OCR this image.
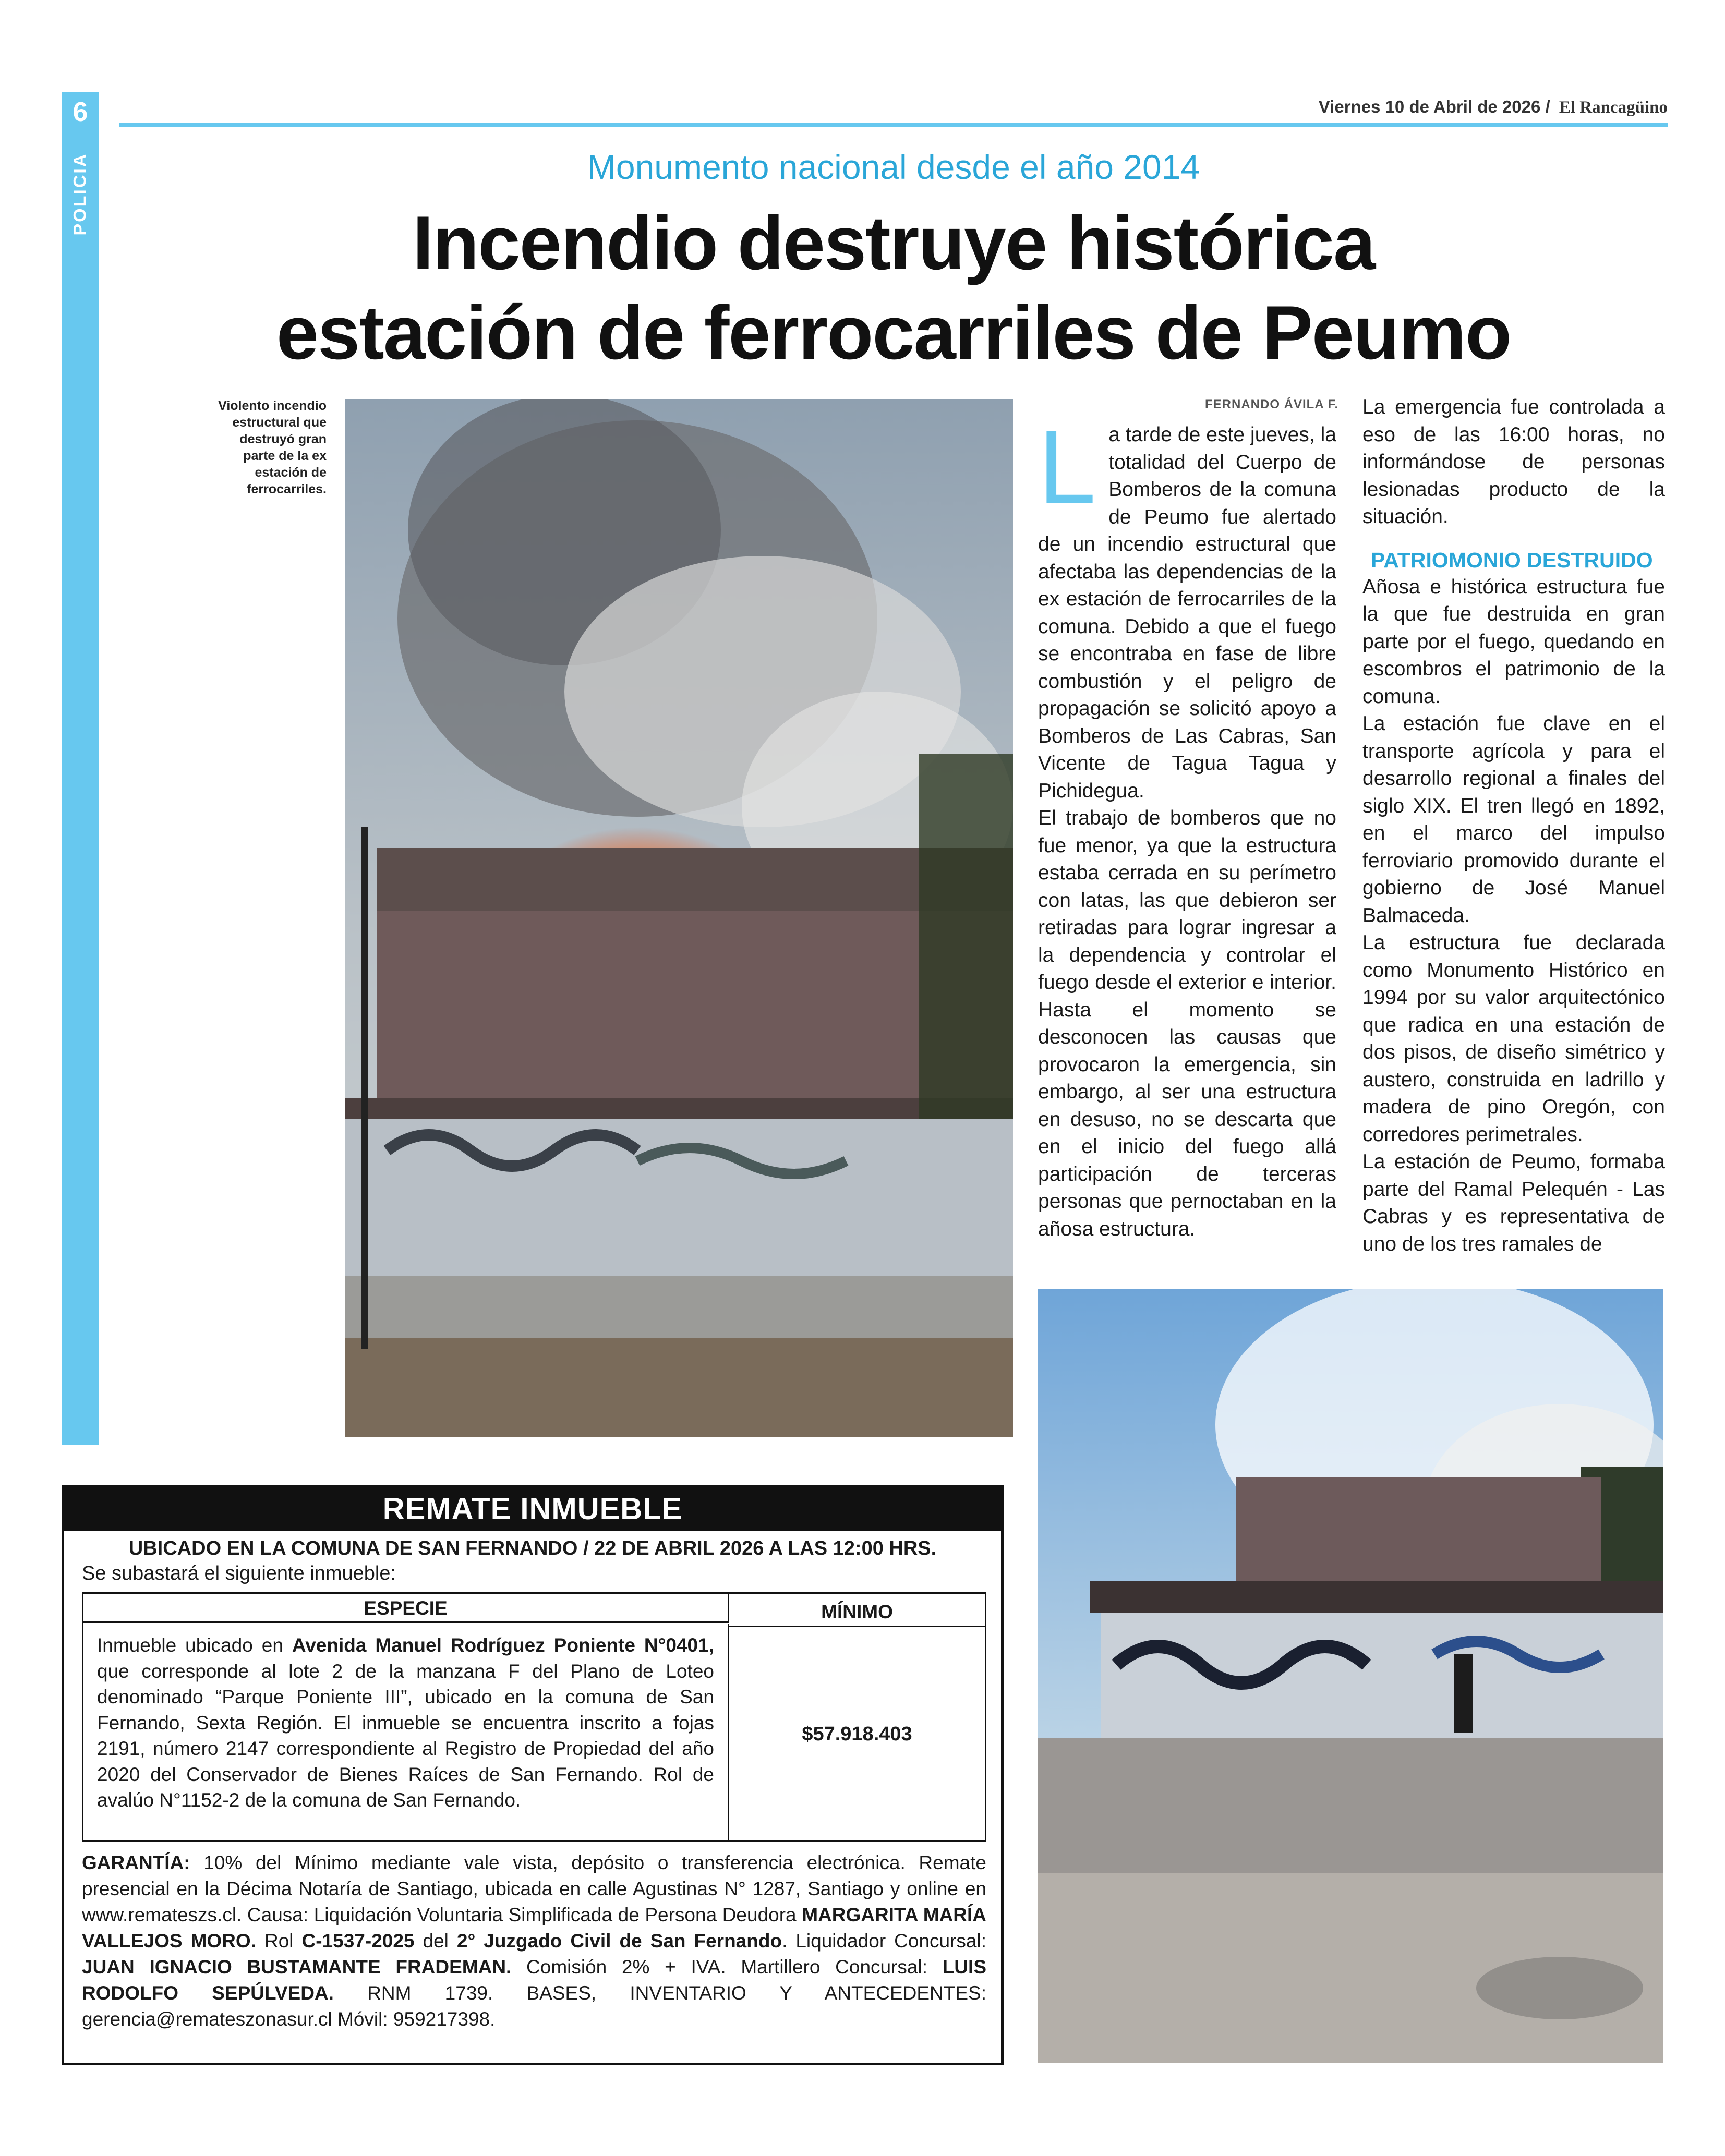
6
POLICIA
Viernes 10 de Abril de 2026 / El Rancagüino
Monumento nacional desde el año 2014
Incendio destruye histórica
estación de ferrocarriles de Peumo
Violento incendio estructural que destruyó gran parte de la ex estación de ferrocarriles.
FERNANDO ÁVILA F.
L a tarde de este jueves, la totalidad del Cuerpo de Bomberos de la comuna de Peumo fue alertado de un incendio estructural que afectaba las dependencias de la ex estación de ferrocarriles de la comuna. Debido a que el fuego se encontraba en fase de libre combustión y el peligro de propagación se solicitó apoyo a Bomberos de Las Cabras, San Vicente de Tagua Tagua y Pichidegua.

El trabajo de bomberos que no fue menor, ya que la estructura estaba cerrada en su perímetro con latas, las que debieron ser retiradas para lograr ingresar a la dependencia y controlar el fuego desde el exterior e interior. Hasta el momento se desconocen las causas que provocaron la emergencia, sin embargo, al ser una estructura en desuso, no se descarta que en el inicio del fuego allá participación de terceras personas que pernoctaban en la añosa estructura.

La emergencia fue controlada a eso de las 16:00 horas, no informándose de personas lesionadas producto de la situación.

PATRIOMONIO DESTRUIDO

Añosa e histórica estructura fue la que fue destruida en gran parte por el fuego, quedando en escombros el patrimonio de la comuna.

La estación fue clave en el transporte agrícola y para el desarrollo regional a finales del siglo XIX. El tren llegó en 1892, en el marco del impulso ferroviario promovido durante el gobierno de José Manuel Balmaceda.

La estructura fue declarada como Monumento Histórico en 1994 por su valor arquitectónico que radica en una estación de dos pisos, de diseño simétrico y austero, construida en ladrillo y madera de pino Oregón, con corredores perimetrales.

La estación de Peumo, formaba parte del Ramal Pelequén - Las Cabras y es representativa de uno de los tres ramales de

REMATE INMUEBLE
UBICADO EN LA COMUNA DE SAN FERNANDO / 22 DE ABRIL 2026 A LAS 12:00 HRS.
Se subastará el siguiente inmueble:
ESPECIE	MÍNIMO
Inmueble ubicado en Avenida Manuel Rodríguez Poniente N°0401, que corresponde al lote 2 de la manzana F del Plano de Loteo denominado “Parque Poniente III”, ubicado en la comuna de San Fernando, Sexta Región. El inmueble se encuentra inscrito a fojas 2191, número 2147 correspondiente al Registro de Propiedad del año 2020 del Conservador de Bienes Raíces de San Fernando. Rol de avalúo N°1152-2 de la comuna de San Fernando.
$57.918.403
GARANTÍA: 10% del Mínimo mediante vale vista, depósito o transferencia electrónica. Remate presencial en la Décima Notaría de Santiago, ubicada en calle Agustinas N° 1287, Santiago y online en www.remateszs.cl. Causa: Liquidación Voluntaria Simplificada de Persona Deudora MARGARITA MARÍA VALLEJOS MORO. Rol C-1537-2025 del 2° Juzgado Civil de San Fernando. Liquidador Concursal: JUAN IGNACIO BUSTAMANTE FRADEMAN. Comisión 2% + IVA. Martillero Concursal: LUIS RODOLFO SEPÚLVEDA. RNM 1739. BASES, INVENTARIO Y ANTECEDENTES: gerencia@remateszonasur.cl Móvil: 959217398.
